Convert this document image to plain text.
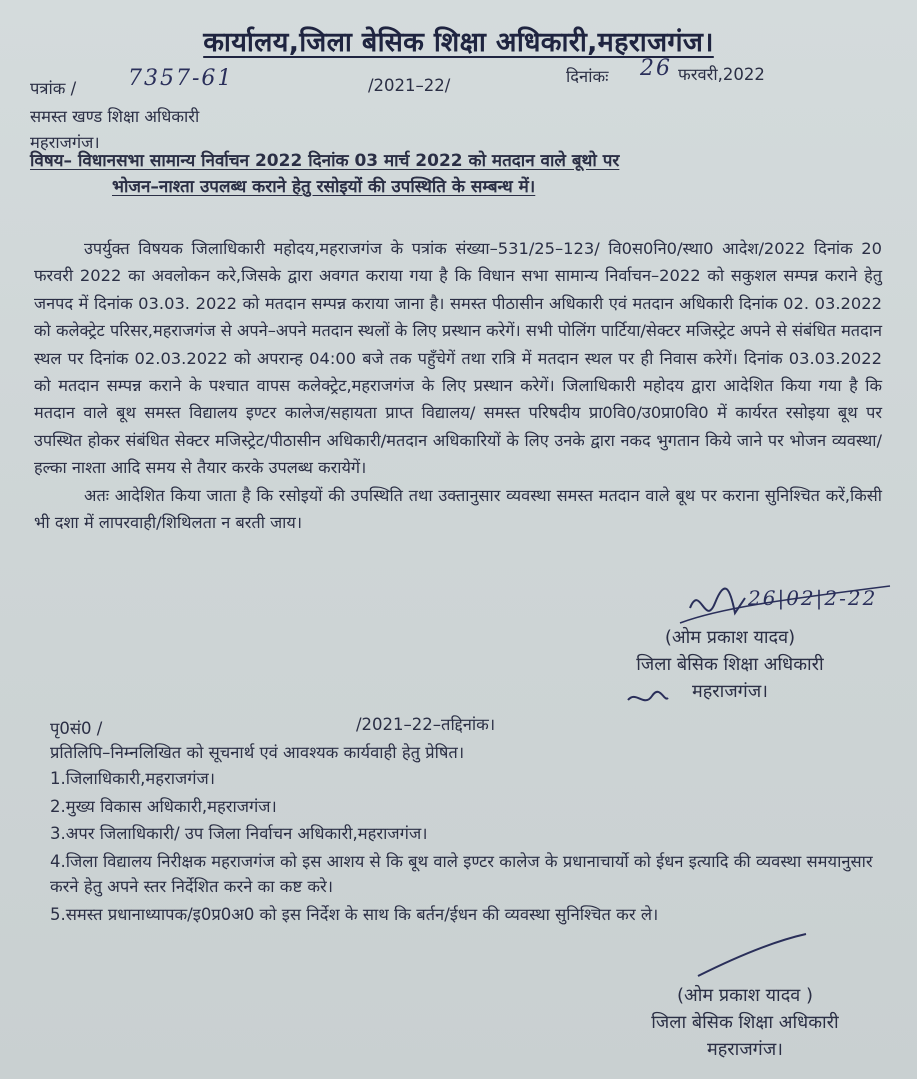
कार्यालय,जिला बेसिक शिक्षा अधिकारी,महराजगंज।
पत्रांक / 7357-61	/2021–22/	दिनांकः 26 फरवरी,2022
समस्त खण्ड शिक्षा अधिकारी
महराजगंज।
विषय– विधानसभा सामान्य निर्वाचन 2022 दिनांक 03 मार्च 2022 को मतदान वाले बूथो पर
भोजन–नाश्ता उपलब्ध कराने हेतु रसोइयों की उपस्थिति के सम्बन्ध में।

उपर्युक्त विषयक जिलाधिकारी महोदय,महराजगंज के पत्रांक संख्या–531/25–123/ वि0स0नि0/स्था0 आदेश/2022 दिनांक 20 फरवरी 2022 का अवलोकन करे,जिसके द्वारा अवगत कराया गया है कि विधान सभा सामान्य निर्वाचन–2022 को सकुशल सम्पन्न कराने हेतु जनपद में दिनांक 03.03. 2022 को मतदान सम्पन्न कराया जाना है। समस्त पीठासीन अधिकारी एवं मतदान अधिकारी दिनांक 02. 03.2022 को कलेक्ट्रेट परिसर,महराजगंज से अपने–अपने मतदान स्थलों के लिए प्रस्थान करेगें। सभी पोलिंग पार्टिया/सेक्टर मजिस्ट्रेट अपने से संबंधित मतदान स्थल पर दिनांक 02.03.2022 को अपरान्ह 04:00 बजे तक पहुँचेगें तथा रात्रि में मतदान स्थल पर ही निवास करेगें। दिनांक 03.03.2022 को मतदान सम्पन्न कराने के पश्चात वापस कलेक्ट्रेट,महराजगंज के लिए प्रस्थान करेगें। जिलाधिकारी महोदय द्वारा आदेशित किया गया है कि मतदान वाले बूथ समस्त विद्यालय इण्टर कालेज/सहायता प्राप्त विद्यालय/ समस्त परिषदीय प्रा0वि0/उ0प्रा0वि0 में कार्यरत रसोइया बूथ पर उपस्थित होकर संबंधित सेक्टर मजिस्ट्रेट/पीठासीन अधिकारी/मतदान अधिकारियों के लिए उनके द्वारा नकद भुगतान किये जाने पर भोजन व्यवस्था/हल्का नाश्ता आदि समय से तैयार करके उपलब्ध करायेगें।

अतः आदेशित किया जाता है कि रसोइयों की उपस्थिति तथा उक्तानुसार व्यवस्था समस्त मतदान वाले बूथ पर कराना सुनिश्चित करें,किसी भी दशा में लापरवाही/शिथिलता न बरती जाय।

26|02|2-22
(ओम प्रकाश यादव)
जिला बेसिक शिक्षा अधिकारी
महराजगंज।
पृ0सं0 /	/2021–22–तद्दिनांक।
प्रतिलिपि–निम्नलिखित को सूचनार्थ एवं आवश्यक कार्यवाही हेतु प्रेषित।
1.जिलाधिकारी,महराजगंज।
2.मुख्य विकास अधिकारी,महराजगंज।
3.अपर जिलाधिकारी/ उप जिला निर्वाचन अधिकारी,महराजगंज।
4.जिला विद्यालय निरीक्षक महराजगंज को इस आशय से कि बूथ वाले इण्टर कालेज के प्रधानाचार्यो को ईधन इत्यादि की व्यवस्था समयानुसार करने हेतु अपने स्तर निर्देशित करने का कष्ट करे।
5.समस्त प्रधानाध्यापक/इ0प्र0अ0 को इस निर्देश के साथ कि बर्तन/ईधन की व्यवस्था सुनिश्चित कर ले।
(ओम प्रकाश यादव )
जिला बेसिक शिक्षा अधिकारी
महराजगंज।
